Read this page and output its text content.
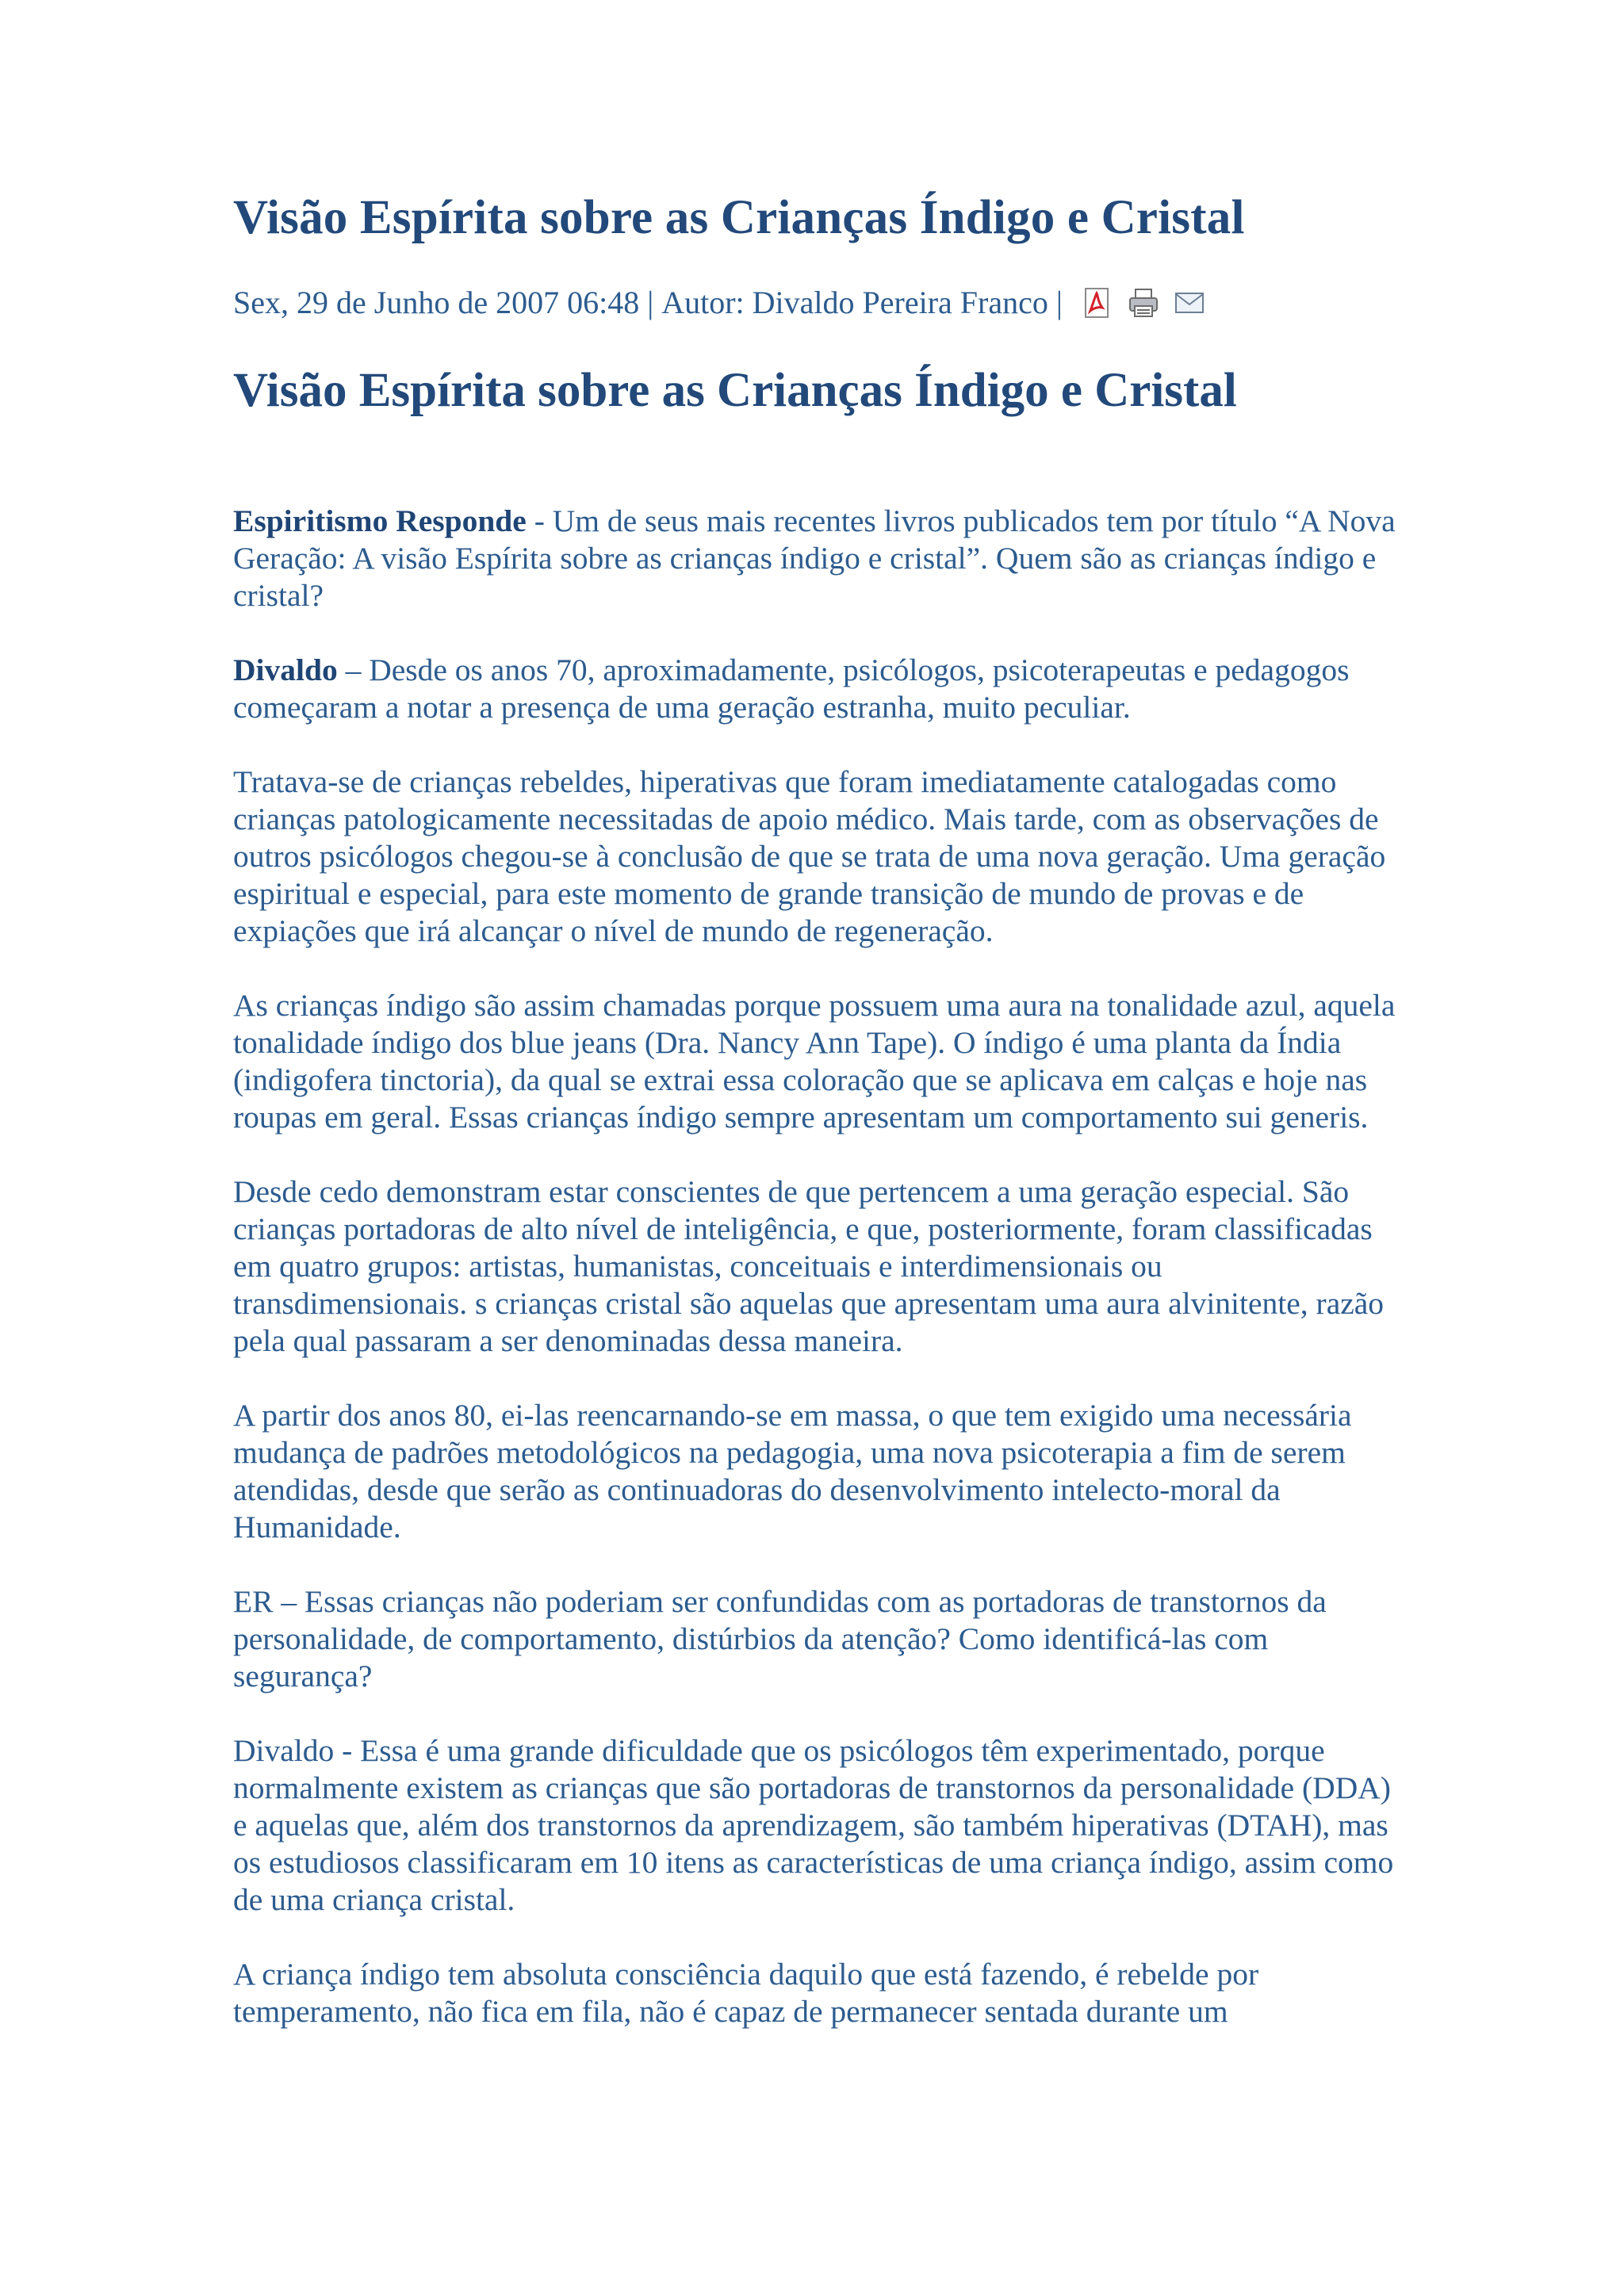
Visão Espírita sobre as Crianças Índigo e Cristal
Sex, 29 de Junho de 2007 06:48 | Autor: Divaldo Pereira Franco |
Visão Espírita sobre as Crianças Índigo e Cristal

Espiritismo Responde - Um de seus mais recentes livros publicados tem por título “A Nova Geração: A visão Espírita sobre as crianças índigo e cristal”. Quem são as crianças índigo e cristal?

Divaldo – Desde os anos 70, aproximadamente, psicólogos, psicoterapeutas e pedagogos começaram a notar a presença de uma geração estranha, muito peculiar.

Tratava-se de crianças rebeldes, hiperativas que foram imediatamente catalogadas como crianças patologicamente necessitadas de apoio médico. Mais tarde, com as observações de outros psicólogos chegou-se à conclusão de que se trata de uma nova geração. Uma geração espiritual e especial, para este momento de grande transição de mundo de provas e de expiações que irá alcançar o nível de mundo de regeneração.

As crianças índigo são assim chamadas porque possuem uma aura na tonalidade azul, aquela tonalidade índigo dos blue jeans (Dra. Nancy Ann Tape). O índigo é uma planta da Índia (indigofera tinctoria), da qual se extrai essa coloração que se aplicava em calças e hoje nas roupas em geral. Essas crianças índigo sempre apresentam um comportamento sui generis.

Desde cedo demonstram estar conscientes de que pertencem a uma geração especial. São crianças portadoras de alto nível de inteligência, e que, posteriormente, foram classificadas em quatro grupos: artistas, humanistas, conceituais e interdimensionais ou transdimensionais. s crianças cristal são aquelas que apresentam uma aura alvinitente, razão pela qual passaram a ser denominadas dessa maneira.

A partir dos anos 80, ei-las reencarnando-se em massa, o que tem exigido uma necessária mudança de padrões metodológicos na pedagogia, uma nova psicoterapia a fim de serem atendidas, desde que serão as continuadoras do desenvolvimento intelecto-moral da Humanidade.

ER – Essas crianças não poderiam ser confundidas com as portadoras de transtornos da personalidade, de comportamento, distúrbios da atenção? Como identificá-las com segurança?

Divaldo - Essa é uma grande dificuldade que os psicólogos têm experimentado, porque normalmente existem as crianças que são portadoras de transtornos da personalidade (DDA) e aquelas que, além dos transtornos da aprendizagem, são também hiperativas (DTAH), mas os estudiosos classificaram em 10 itens as características de uma criança índigo, assim como de uma criança cristal.

A criança índigo tem absoluta consciência daquilo que está fazendo, é rebelde por temperamento, não fica em fila, não é capaz de permanecer sentada durante um
